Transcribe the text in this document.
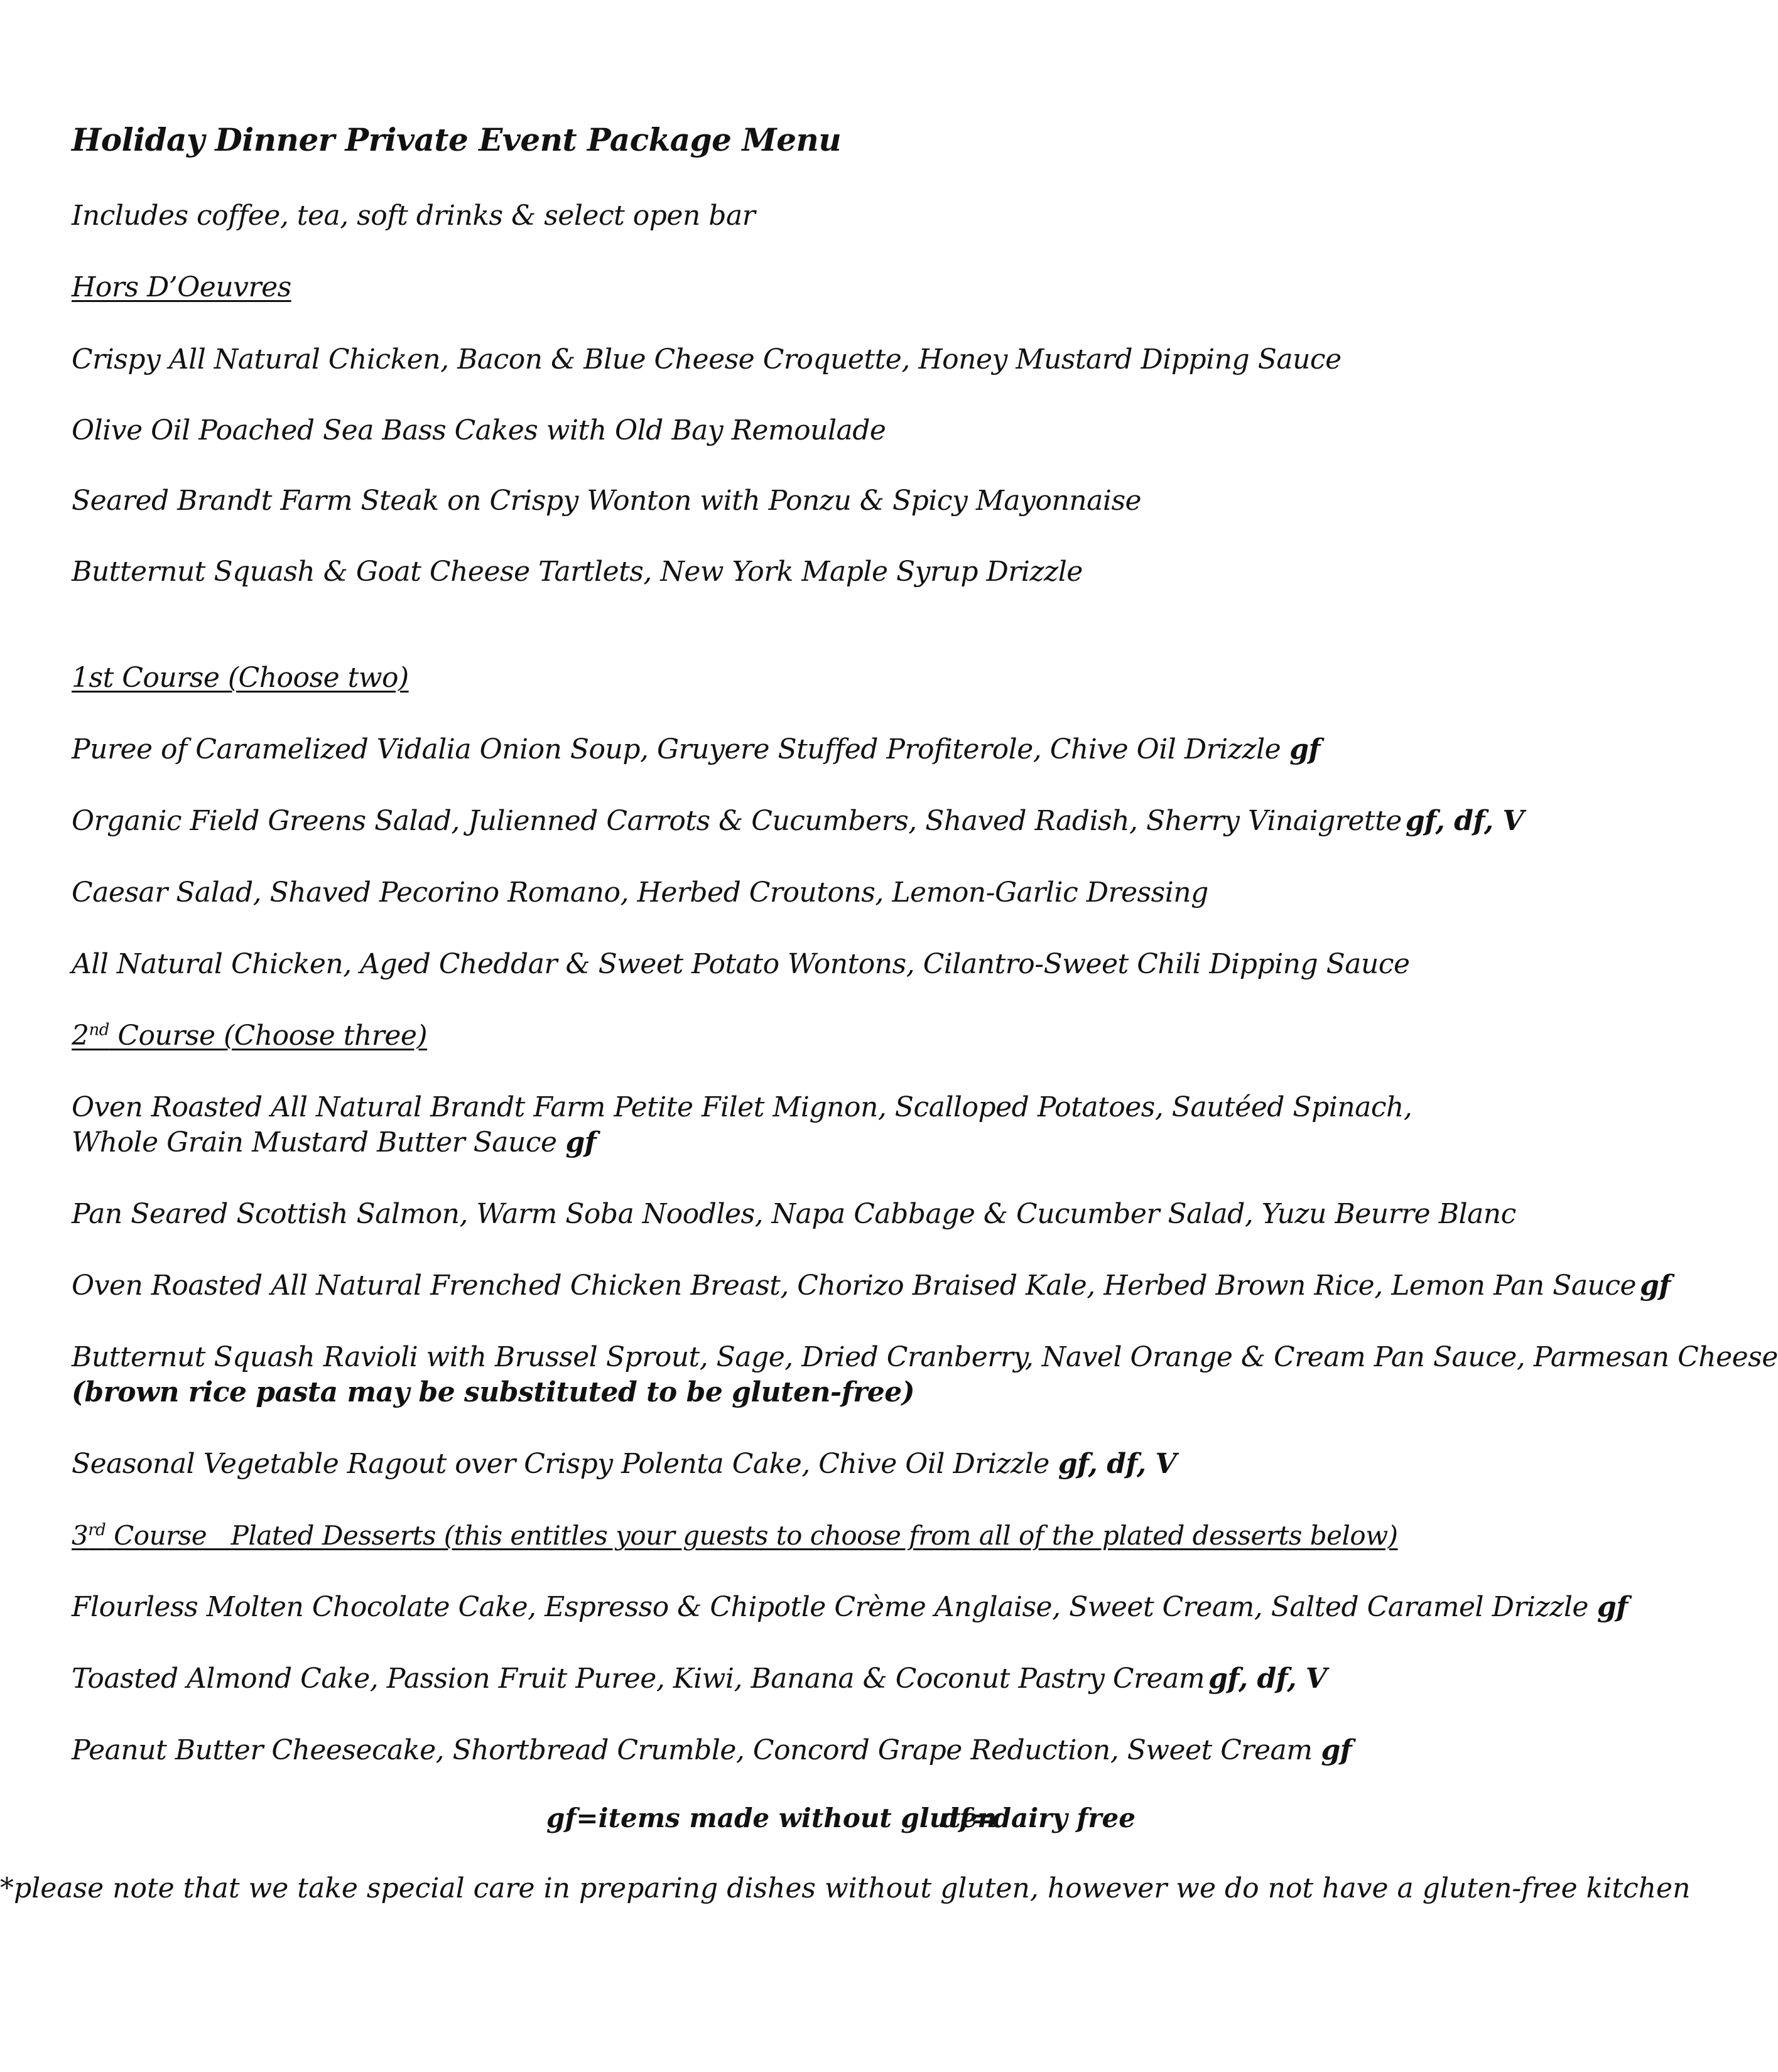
Holiday Dinner Private Event Package Menu
Includes coffee, tea, soft drinks & select open bar
Hors D’Oeuvres
Crispy All Natural Chicken, Bacon & Blue Cheese Croquette, Honey Mustard Dipping Sauce
Olive Oil Poached Sea Bass Cakes with Old Bay Remoulade
Seared Brandt Farm Steak on Crispy Wonton with Ponzu & Spicy Mayonnaise
Butternut Squash & Goat Cheese Tartlets, New York Maple Syrup Drizzle
1st Course (Choose two)
Puree of Caramelized Vidalia Onion Soup, Gruyere Stuffed Profiterole, Chive Oil Drizzle gf
Organic Field Greens Salad, Julienned Carrots & Cucumbers, Shaved Radish, Sherry Vinaigrette gf, df, V
Caesar Salad, Shaved Pecorino Romano, Herbed Croutons, Lemon-Garlic Dressing
All Natural Chicken, Aged Cheddar & Sweet Potato Wontons, Cilantro-Sweet Chili Dipping Sauce
2nd Course (Choose three)
Oven Roasted All Natural Brandt Farm Petite Filet Mignon, Scalloped Potatoes, Sautéed Spinach,
Whole Grain Mustard Butter Sauce gf
Pan Seared Scottish Salmon, Warm Soba Noodles, Napa Cabbage & Cucumber Salad, Yuzu Beurre Blanc
Oven Roasted All Natural Frenched Chicken Breast, Chorizo Braised Kale, Herbed Brown Rice, Lemon Pan Sauce gf
Butternut Squash Ravioli with Brussel Sprout, Sage, Dried Cranberry, Navel Orange & Cream Pan Sauce, Parmesan Cheese
(brown rice pasta may be substituted to be gluten-free)
Seasonal Vegetable Ragout over Crispy Polenta Cake, Chive Oil Drizzle gf, df, V
3rd Course   Plated Desserts (this entitles your guests to choose from all of the plated desserts below)
Flourless Molten Chocolate Cake, Espresso & Chipotle Crème Anglaise, Sweet Cream, Salted Caramel Drizzle gf
Toasted Almond Cake, Passion Fruit Puree, Kiwi, Banana & Coconut Pastry Cream gf, df, V
Peanut Butter Cheesecake, Shortbread Crumble, Concord Grape Reduction, Sweet Cream gf
gf=items made without gluten
df=dairy free
*please note that we take special care in preparing dishes without gluten, however we do not have a gluten-free kitchen
